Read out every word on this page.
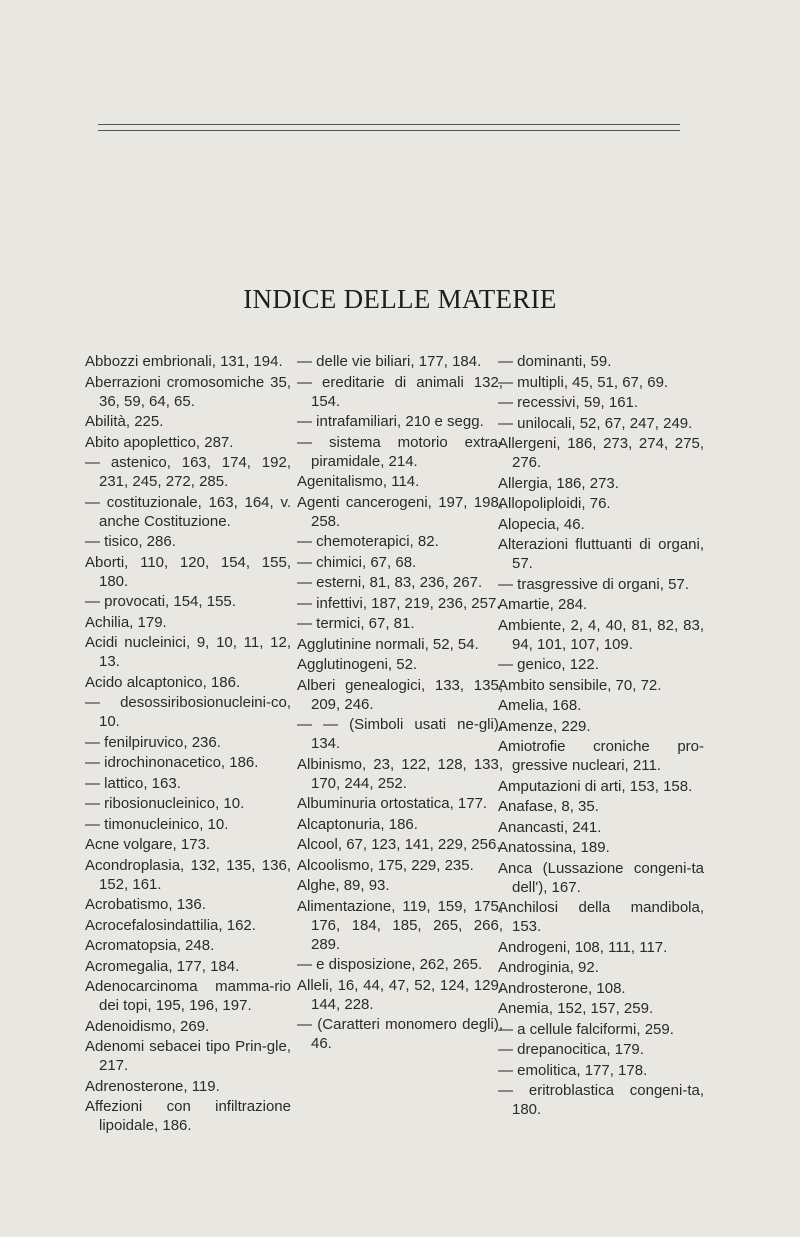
INDICE DELLE MATERIE

Abbozzi embrionali, 131, 194.

Aberrazioni cromosomiche 35, 36, 59, 64, 65.

Abilità, 225.

Abito apoplettico, 287.

— astenico, 163, 174, 192, 231, 245, 272, 285.

— costituzionale, 163, 164, v. anche Costituzione.

— tisico, 286.

Aborti, 110, 120, 154, 155, 180.

— provocati, 154, 155.

Achilia, 179.

Acidi nucleinici, 9, 10, 11, 12, 13.

Acido alcaptonico, 186.

— desossiribosionucleini-co, 10.

— fenilpiruvico, 236.

— idrochinonacetico, 186.

— lattico, 163.

— ribosionucleinico, 10.

— timonucleinico, 10.

Acne volgare, 173.

Acondroplasia, 132, 135, 136, 152, 161.

Acrobatismo, 136.

Acrocefalosindattilia, 162.

Acromatopsia, 248.

Acromegalia, 177, 184.

Adenocarcinoma mamma-rio dei topi, 195, 196, 197.

Adenoidismo, 269.

Adenomi sebacei tipo Prin-gle, 217.

Adrenosterone, 119.

Affezioni con infiltrazione lipoidale, 186.

— delle vie biliari, 177, 184.

— ereditarie di animali 132, 154.

— intrafamiliari, 210 e segg.

— sistema motorio extra-piramidale, 214.

Agenitalismo, 114.

Agenti cancerogeni, 197, 198, 258.

— chemoterapici, 82.

— chimici, 67, 68.

— esterni, 81, 83, 236, 267.

— infettivi, 187, 219, 236, 257.

— termici, 67, 81.

Agglutinine normali, 52, 54.

Agglutinogeni, 52.

Alberi genealogici, 133, 135, 209, 246.

— — (Simboli usati ne-gli), 134.

Albinismo, 23, 122, 128, 133, 170, 244, 252.

Albuminuria ortostatica, 177.

Alcaptonuria, 186.

Alcool, 67, 123, 141, 229, 256.

Alcoolismo, 175, 229, 235.

Alghe, 89, 93.

Alimentazione, 119, 159, 175, 176, 184, 185, 265, 266, 289.

— e disposizione, 262, 265.

Alleli, 16, 44, 47, 52, 124, 129, 144, 228.

— (Caratteri monomero degli), 46.

— dominanti, 59.

— multipli, 45, 51, 67, 69.

— recessivi, 59, 161.

— unilocali, 52, 67, 247, 249.

Allergeni, 186, 273, 274, 275, 276.

Allergia, 186, 273.

Allopoliploidi, 76.

Alopecia, 46.

Alterazioni fluttuanti di organi, 57.

— trasgressive di organi, 57.

Amartie, 284.

Ambiente, 2, 4, 40, 81, 82, 83, 94, 101, 107, 109.

— genico, 122.

Ambito sensibile, 70, 72.

Amelia, 168.

Amenze, 229.

Amiotrofie croniche pro-gressive nucleari, 211.

Amputazioni di arti, 153, 158.

Anafase, 8, 35.

Anancasti, 241.

Anatossina, 189.

Anca (Lussazione congeni-ta dell'), 167.

Anchilosi della mandibola, 153.

Androgeni, 108, 111, 117.

Androginia, 92.

Androsterone, 108.

Anemia, 152, 157, 259.

— a cellule falciformi, 259.

— drepanocitica, 179.

— emolitica, 177, 178.

— eritroblastica congeni-ta, 180.
